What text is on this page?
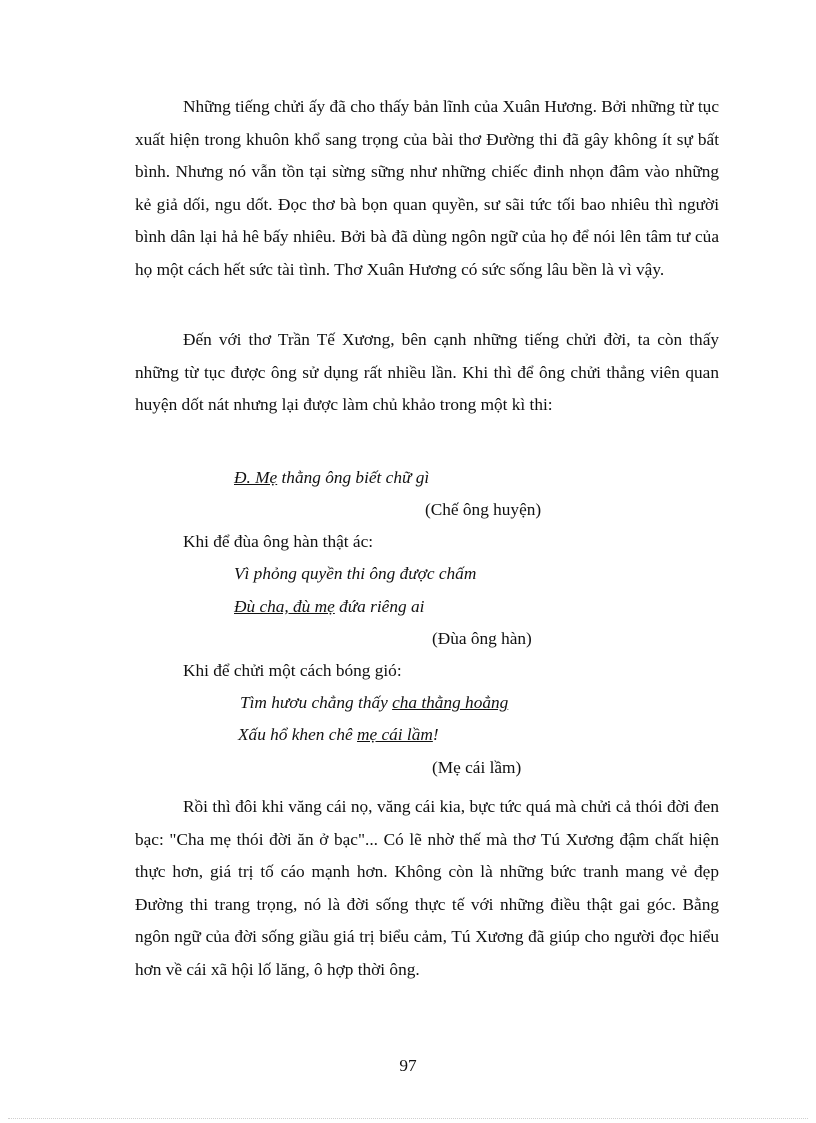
Những tiếng chửi ấy đã cho thấy bản lĩnh của Xuân Hương. Bởi những từ tục xuất hiện trong khuôn khổ sang trọng của bài thơ Đường thi đã gây không ít sự bất bình. Nhưng nó vẫn tồn tại sừng sững như những chiếc đinh nhọn đâm vào những kẻ giả dối, ngu dốt. Đọc thơ bà bọn quan quyền, sư sãi tức tối bao nhiêu thì người bình dân lại hả hê bấy nhiêu. Bởi bà đã dùng ngôn ngữ của họ để nói lên tâm tư của họ một cách hết sức tài tình. Thơ Xuân Hương có sức sống lâu bền là vì vậy.

Đến với thơ Trần Tế Xương, bên cạnh những tiếng chửi đời, ta còn thấy những từ tục được ông sử dụng rất nhiều lần. Khi thì để ông chửi thẳng viên quan huyện dốt nát nhưng lại được làm chủ khảo trong một kì thi:

Đ. Mẹ thằng ông biết chữ gì
(Chế ông huyện)
Khi để đùa ông hàn thật ác:
Vì phỏng quyền thi ông được chấm
Đù cha, đù mẹ đứa riêng ai
(Đùa ông hàn)
Khi để chửi một cách bóng gió:
Tìm hươu chẳng thấy cha thằng hoẳng
Xấu hổ khen chê mẹ cái lầm!
(Mẹ cái lầm)

Rồi thì đôi khi văng cái nọ, văng cái kia, bực tức quá mà chửi cả thói đời đen bạc: "Cha mẹ thói đời ăn ở bạc"... Có lẽ nhờ thế mà thơ Tú Xương đậm chất hiện thực hơn, giá trị tố cáo mạnh hơn. Không còn là những bức tranh mang vẻ đẹp Đường thi trang trọng, nó là đời sống thực tế với những điều thật gai góc. Bằng ngôn ngữ của đời sống giầu giá trị biểu cảm, Tú Xương đã giúp cho người đọc hiểu hơn về cái xã hội lố lăng, ô hợp thời ông.

97
